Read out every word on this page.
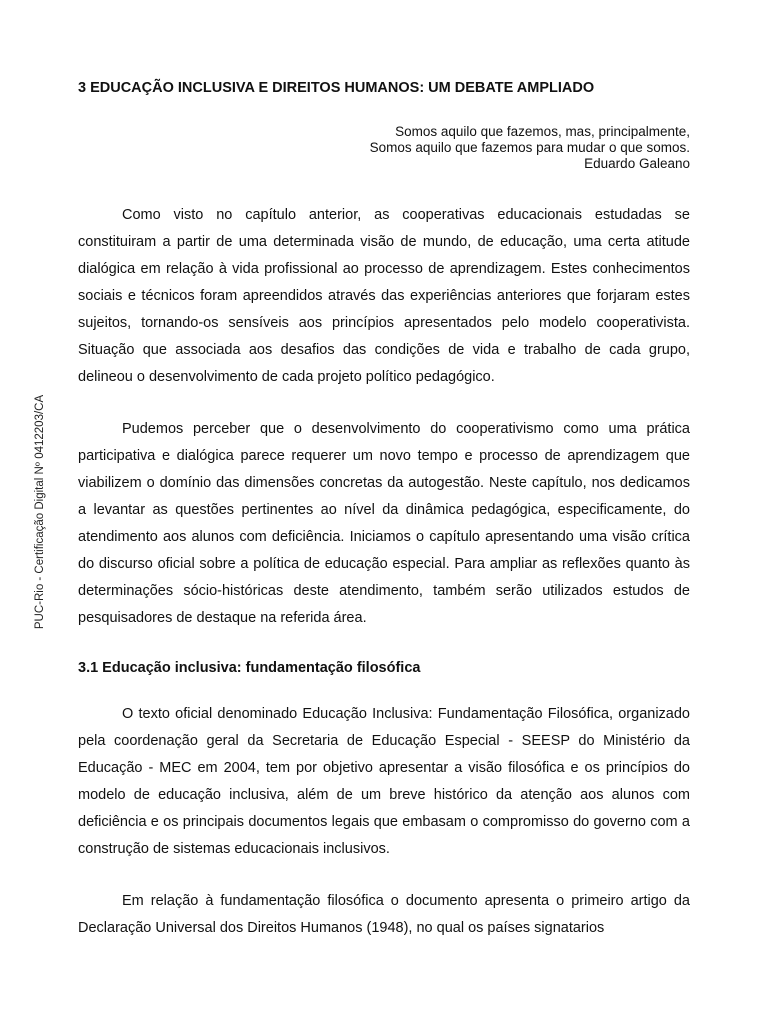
PUC-Rio - Certificação Digital Nº 0412203/CA
3 EDUCAÇÃO INCLUSIVA E DIREITOS HUMANOS: UM DEBATE AMPLIADO
Somos aquilo que fazemos, mas, principalmente,
Somos aquilo que fazemos para mudar o que somos.
Eduardo Galeano

Como visto no capítulo anterior, as cooperativas educacionais estudadas se constituiram a partir de uma determinada visão de mundo, de educação, uma certa atitude dialógica em relação à vida profissional ao processo de aprendizagem. Estes conhecimentos sociais e técnicos foram apreendidos através das experiências anteriores que forjaram estes sujeitos, tornando-os sensíveis aos princípios apresentados pelo modelo cooperativista. Situação que associada aos desafios das condições de vida e trabalho de cada grupo, delineou o desenvolvimento de cada projeto político pedagógico.

Pudemos perceber que o desenvolvimento do cooperativismo como uma prática participativa e dialógica parece requerer um novo tempo e processo de aprendizagem que viabilizem o domínio das dimensões concretas da autogestão. Neste capítulo, nos dedicamos a levantar as questões pertinentes ao nível da dinâmica pedagógica, especificamente, do atendimento aos alunos com deficiência. Iniciamos o capítulo apresentando uma visão crítica do discurso oficial sobre a política de educação especial. Para ampliar as reflexões quanto às determinações sócio-históricas deste atendimento, também serão utilizados estudos de pesquisadores de destaque na referida área.

3.1 Educação inclusiva: fundamentação filosófica

O texto oficial denominado Educação Inclusiva: Fundamentação Filosófica, organizado pela coordenação geral da Secretaria de Educação Especial - SEESP do Ministério da Educação - MEC em 2004, tem por objetivo apresentar a visão filosófica e os princípios do modelo de educação inclusiva, além de um breve histórico da atenção aos alunos com deficiência e os principais documentos legais que embasam o compromisso do governo com a construção de sistemas educacionais inclusivos.

Em relação à fundamentação filosófica o documento apresenta o primeiro artigo da Declaração Universal dos Direitos Humanos (1948), no qual os países signatarios
